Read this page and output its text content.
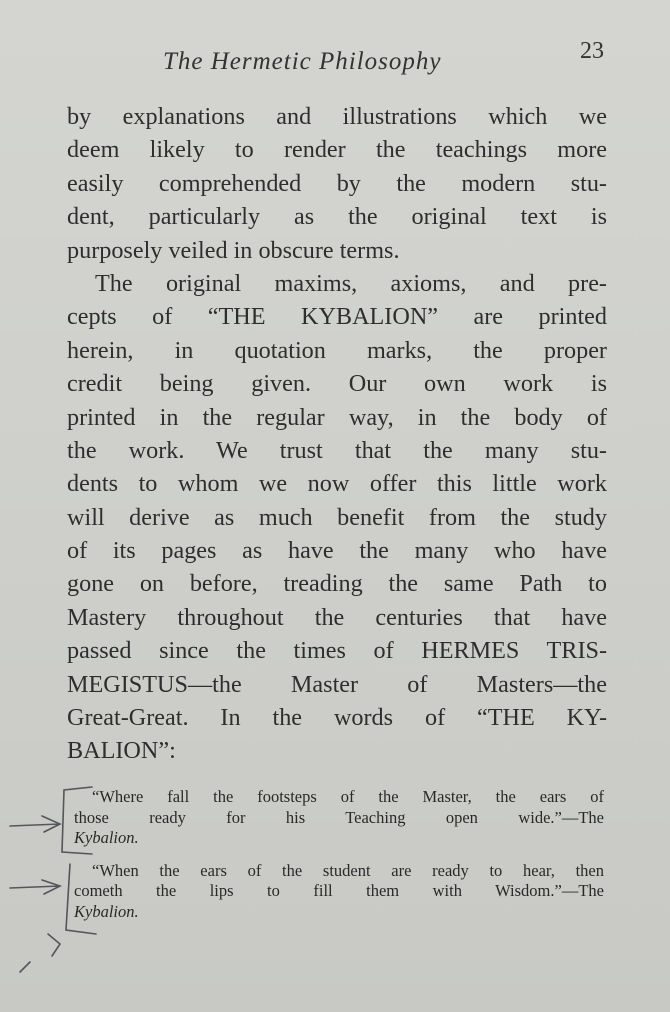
The Hermetic Philosophy	23
by explanations and illustrations which we
deem likely to render the teachings more
easily comprehended by the modern stu-
dent, particularly as the original text is
purposely veiled in obscure terms.
The original maxims, axioms, and pre-
cepts of “THE KYBALION” are printed
herein, in quotation marks, the proper
credit being given. Our own work is
printed in the regular way, in the body of
the work. We trust that the many stu-
dents to whom we now offer this little work
will derive as much benefit from the study
of its pages as have the many who have
gone on before, treading the same Path to
Mastery throughout the centuries that have
passed since the times of HERMES TRIS-
MEGISTUS—the Master of Masters—the
Great-Great. In the words of “THE KY-
BALION”:
“Where fall the footsteps of the Master, the ears of
those ready for his Teaching open wide.”—The
Kybalion.
“When the ears of the student are ready to hear, then
cometh the lips to fill them with Wisdom.”—The
Kybalion.
